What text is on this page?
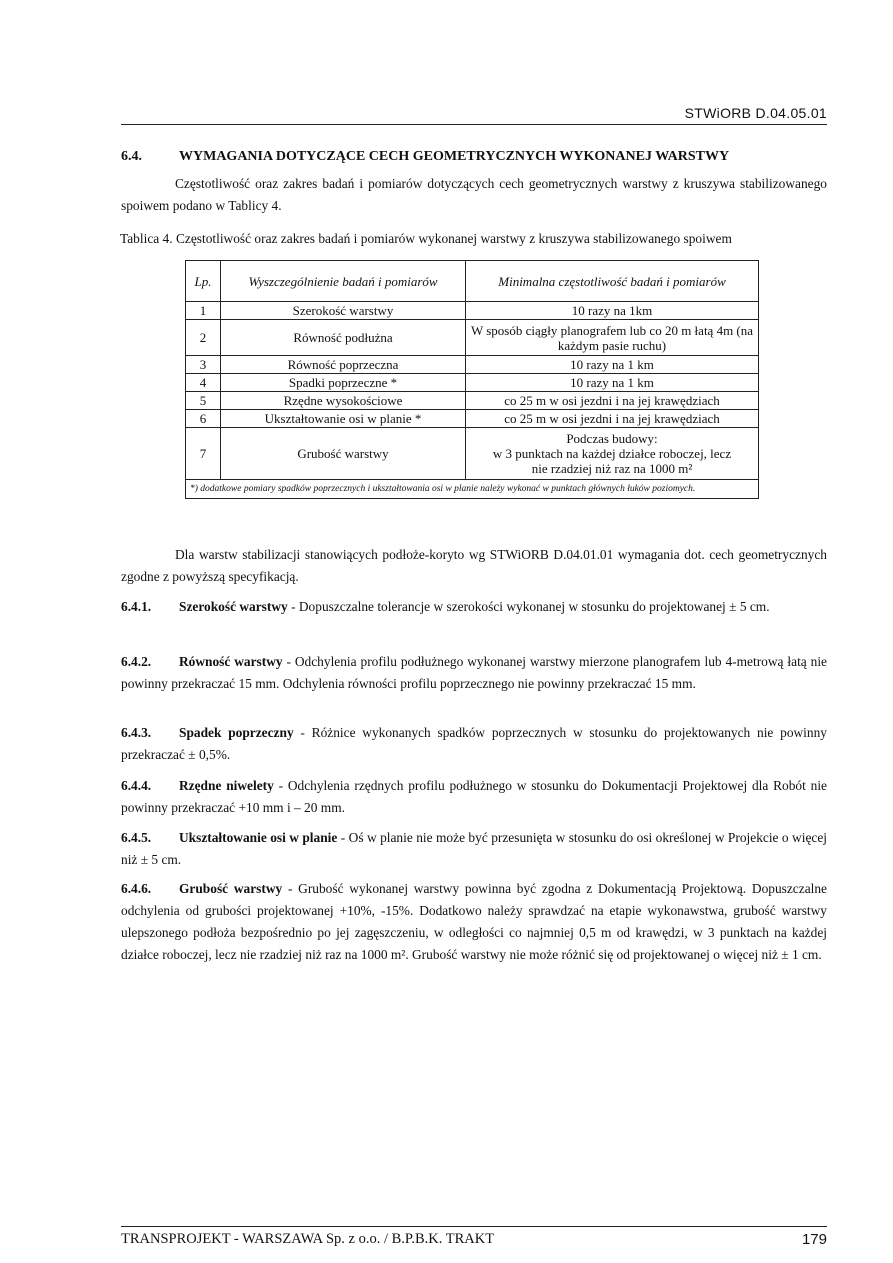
STWiORB D.04.05.01
6.4.	WYMAGANIA DOTYCZĄCE CECH GEOMETRYCZNYCH WYKONANEJ WARSTWY
Częstotliwość oraz zakres badań i pomiarów dotyczących cech geometrycznych warstwy z kruszywa stabilizowanego spoiwem podano w Tablicy 4.
Tablica 4. Częstotliwość oraz zakres badań i pomiarów wykonanej warstwy z kruszywa stabilizowanego spoiwem
Lp.	Wyszczególnienie badań i pomiarów	Minimalna częstotliwość badań i pomiarów
1	Szerokość warstwy	10 razy na 1km
2	Równość podłużna	W sposób ciągły planografem lub co 20 m łatą 4m (na każdym pasie ruchu)
3	Równość poprzeczna	10 razy na 1 km
4	Spadki poprzeczne *	10 razy na 1 km
5	Rzędne wysokościowe	co 25 m w osi jezdni i na jej krawędziach
6	Ukształtowanie osi w planie *	co 25 m w osi jezdni i na jej krawędziach
7	Grubość warstwy	Podczas budowy:
w 3 punktach na każdej działce roboczej, lecz
nie rzadziej niż raz na 1000 m²

*) dodatkowe pomiary spadków poprzecznych i ukształtowania osi w planie należy wykonać w punktach głównych łuków poziomych.		
Dla warstw stabilizacji stanowiących podłoże-koryto wg STWiORB D.04.01.01 wymagania dot. cech geometrycznych zgodne z powyższą specyfikacją.
6.4.1. Szerokość warstwy - Dopuszczalne tolerancje w szerokości wykonanej w stosunku do projektowanej ± 5 cm.
6.4.2. Równość warstwy - Odchylenia profilu podłużnego wykonanej warstwy mierzone planografem lub 4-metrową łatą nie powinny przekraczać 15 mm. Odchylenia równości profilu poprzecznego nie powinny przekraczać 15 mm.
6.4.3. Spadek poprzeczny - Różnice wykonanych spadków poprzecznych w stosunku do projektowanych nie powinny przekraczać ± 0,5%.
6.4.4. Rzędne niwelety - Odchylenia rzędnych profilu podłużnego w stosunku do Dokumentacji Projektowej dla Robót nie powinny przekraczać +10 mm i – 20 mm.
6.4.5. Ukształtowanie osi w planie - Oś w planie nie może być przesunięta w stosunku do osi określonej w Projekcie o więcej niż ± 5 cm.
6.4.6. Grubość warstwy - Grubość wykonanej warstwy powinna być zgodna z Dokumentacją Projektową. Dopuszczalne odchylenia od grubości projektowanej +10%, -15%. Dodatkowo należy sprawdzać na etapie wykonawstwa, grubość warstwy ulepszonego podłoża bezpośrednio po jej zagęszczeniu, w odległości co najmniej 0,5 m od krawędzi, w 3 punktach na każdej działce roboczej, lecz nie rzadziej niż raz na 1000 m². Grubość warstwy nie może różnić się od projektowanej o więcej niż ± 1 cm.
TRANSPROJEKT - WARSZAWA Sp. z o.o. / B.P.B.K. TRAKT	179
